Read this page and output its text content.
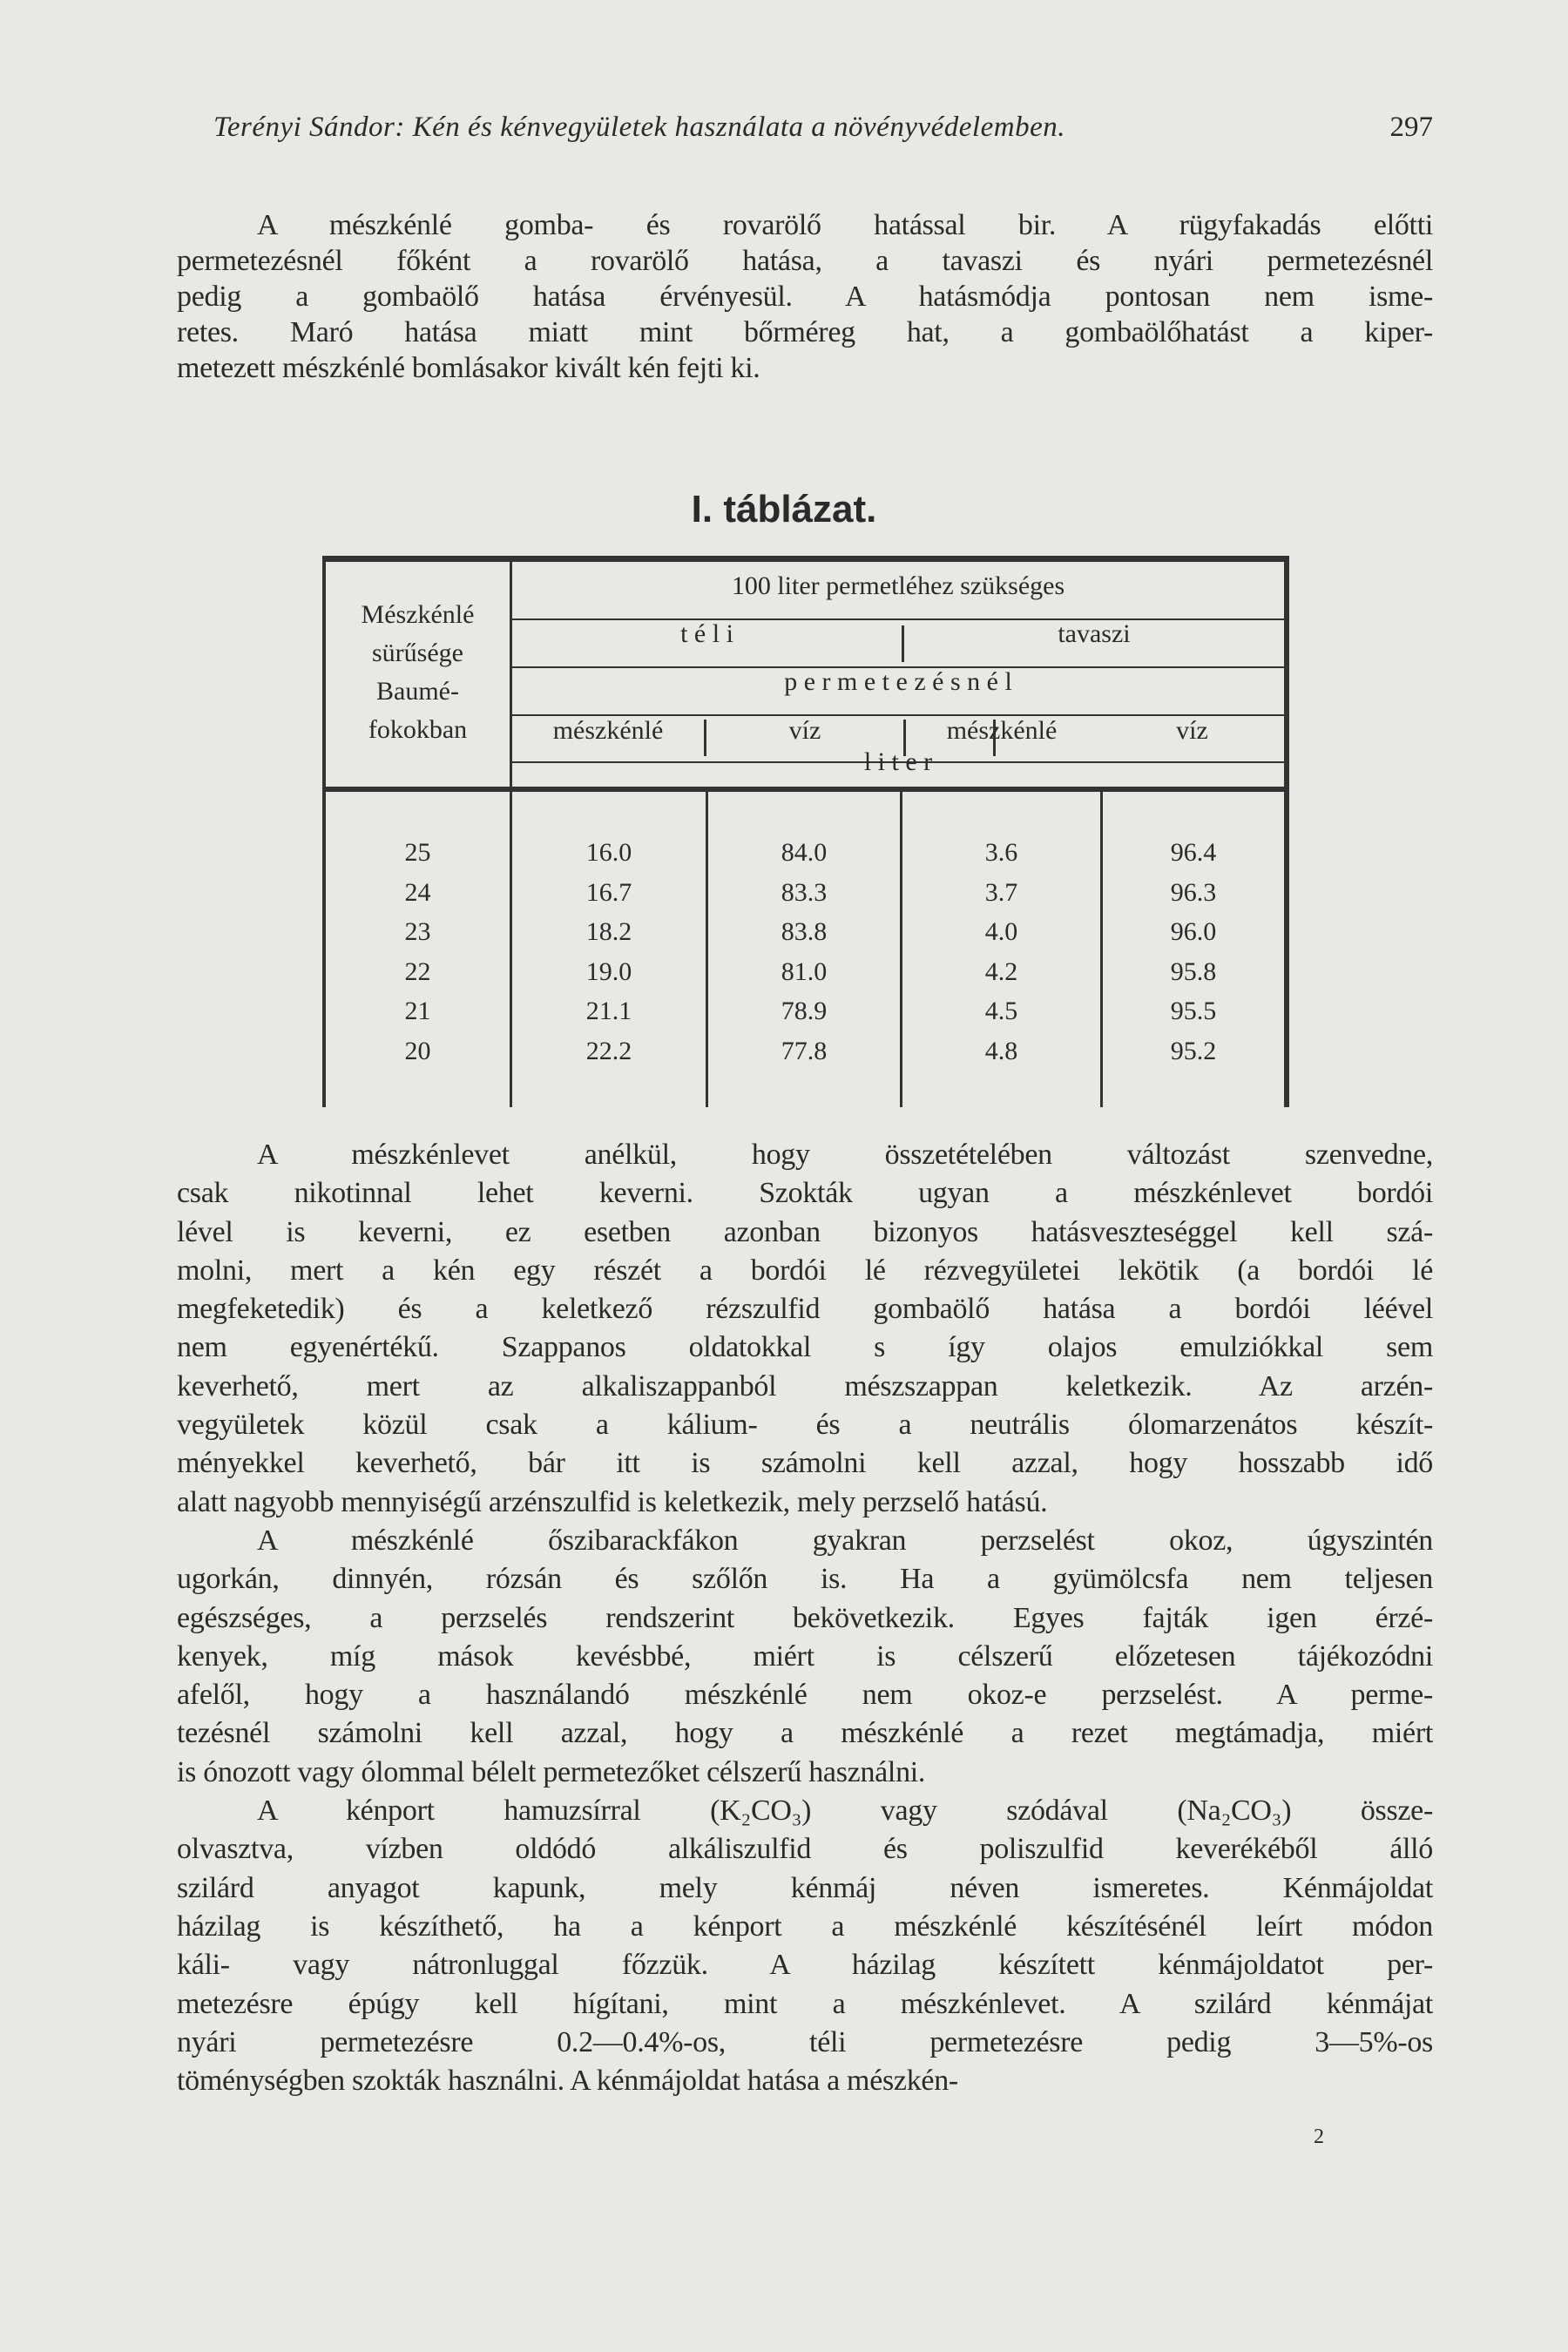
Terényi Sándor: Kén és kénvegyületek használata a növényvédelemben.	297
A mészkénlé gomba- és rovarölő hatással bir. A rügyfakadás előtti
permetezésnél főként a rovarölő hatása, a tavaszi és nyári permetezésnél
pedig a gombaölő hatása érvényesül. A hatásmódja pontosan nem isme-
retes. Maró hatása miatt mint bőrméreg hat, a gombaölőhatást a kiper-
metezett mészkénlé bomlásakor kivált kén fejti ki.
I. táblázat.
Mészkénlé
sürűsége
Baumé-
fokokban
100 liter permetléhez szükséges
t é l i	tavaszi
p e r m e t e z é s n é l
mészkénlé	víz	mészkénlé	víz
l i t e r
25	16.0	84.0	3.6	96.4
24	16.7	83.3	3.7	96.3
23	18.2	83.8	4.0	96.0
22	19.0	81.0	4.2	95.8
21	21.1	78.9	4.5	95.5
20	22.2	77.8	4.8	95.2
A mészkénlevet anélkül, hogy összetételében változást szenvedne,
csak nikotinnal lehet keverni. Szokták ugyan a mészkénlevet bordói
lével is keverni, ez esetben azonban bizonyos hatásveszteséggel kell szá-
molni, mert a kén egy részét a bordói lé rézvegyületei lekötik (a bordói lé
megfeketedik) és a keletkező rézszulfid gombaölő hatása a bordói léével
nem egyenértékű. Szappanos oldatokkal s így olajos emulziókkal sem
keverhető, mert az alkaliszappanból mészszappan keletkezik. Az arzén-
vegyületek közül csak a kálium- és a neutrális ólomarzenátos készít-
ményekkel keverhető, bár itt is számolni kell azzal, hogy hosszabb idő
alatt nagyobb mennyiségű arzénszulfid is keletkezik, mely perzselő hatású.
A mészkénlé őszibarackfákon gyakran perzselést okoz, úgyszintén
ugorkán, dinnyén, rózsán és szőlőn is. Ha a gyümölcsfa nem teljesen
egészséges, a perzselés rendszerint bekövetkezik. Egyes fajták igen érzé-
kenyek, míg mások kevésbbé, miért is célszerű előzetesen tájékozódni
afelől, hogy a használandó mészkénlé nem okoz-e perzselést. A perme-
tezésnél számolni kell azzal, hogy a mészkénlé a rezet megtámadja, miért
is ónozott vagy ólommal bélelt permetezőket célszerű használni.
A kénport hamuzsírral (K₂CO₃) vagy szódával (Na₂CO₃) össze-
olvasztva, vízben oldódó alkáliszulfid és poliszulfid keverékéből álló
szilárd anyagot kapunk, mely kénmáj néven ismeretes. Kénmájoldat
házilag is készíthető, ha a kénport a mészkénlé készítésénél leírt módon
káli- vagy nátronluggal főzzük. A házilag készített kénmájoldatot per-
metezésre épúgy kell hígítani, mint a mészkénlevet. A szilárd kénmájat
nyári permetezésre 0.2—0.4%-os, téli permetezésre pedig 3—5%-os
töménységben szokták használni. A kénmájoldat hatása a mészkén-
2
